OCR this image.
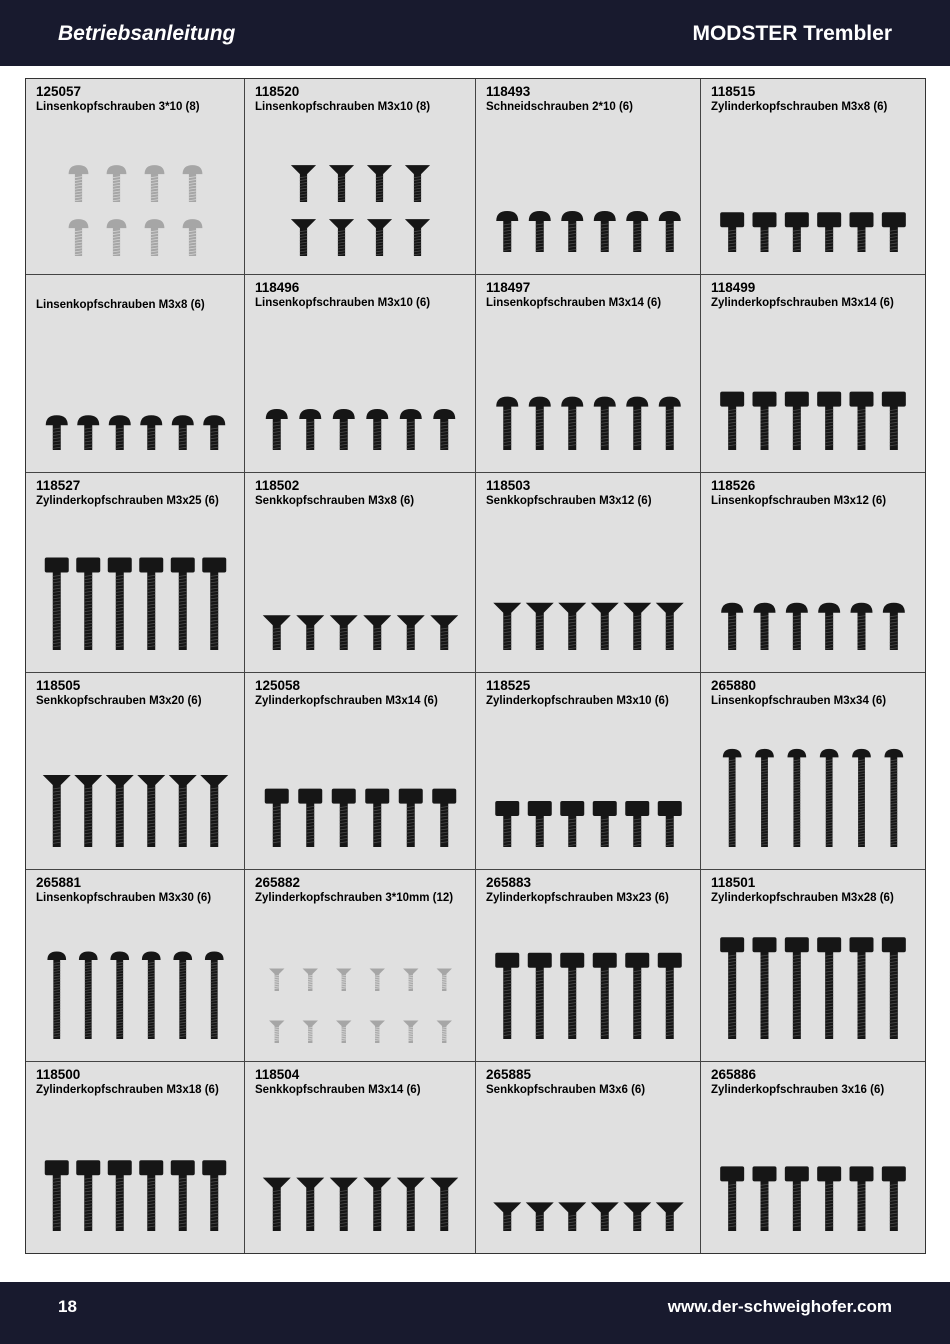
Betriebsanleitung	MODSTER Trembler
125057
Linsenkopfschrauben 3*10 (8)
118520
Linsenkopfschrauben M3x10 (8)
118493
Schneidschrauben 2*10 (6)
118515
Zylinderkopfschrauben M3x8 (6)
Linsenkopfschrauben M3x8 (6)
118496
Linsenkopfschrauben M3x10 (6)
118497
Linsenkopfschrauben M3x14 (6)
118499
Zylinderkopfschrauben M3x14 (6)
118527
Zylinderkopfschrauben M3x25 (6)
118502
Senkkopfschrauben M3x8 (6)
118503
Senkkopfschrauben M3x12 (6)
118526
Linsenkopfschrauben M3x12 (6)
118505
Senkkopfschrauben M3x20 (6)
125058
Zylinderkopfschrauben M3x14 (6)
118525
Zylinderkopfschrauben M3x10 (6)
265880
Linsenkopfschrauben M3x34 (6)
265881
Linsenkopfschrauben M3x30 (6)
265882
Zylinderkopfschrauben 3*10mm (12)
265883
Zylinderkopfschrauben M3x23 (6)
118501
Zylinderkopfschrauben M3x28 (6)
118500
Zylinderkopfschrauben M3x18 (6)
118504
Senkkopfschrauben M3x14 (6)
265885
Senkkopfschrauben M3x6 (6)
265886
Zylinderkopfschrauben 3x16 (6)
18	www.der-schweighofer.com
